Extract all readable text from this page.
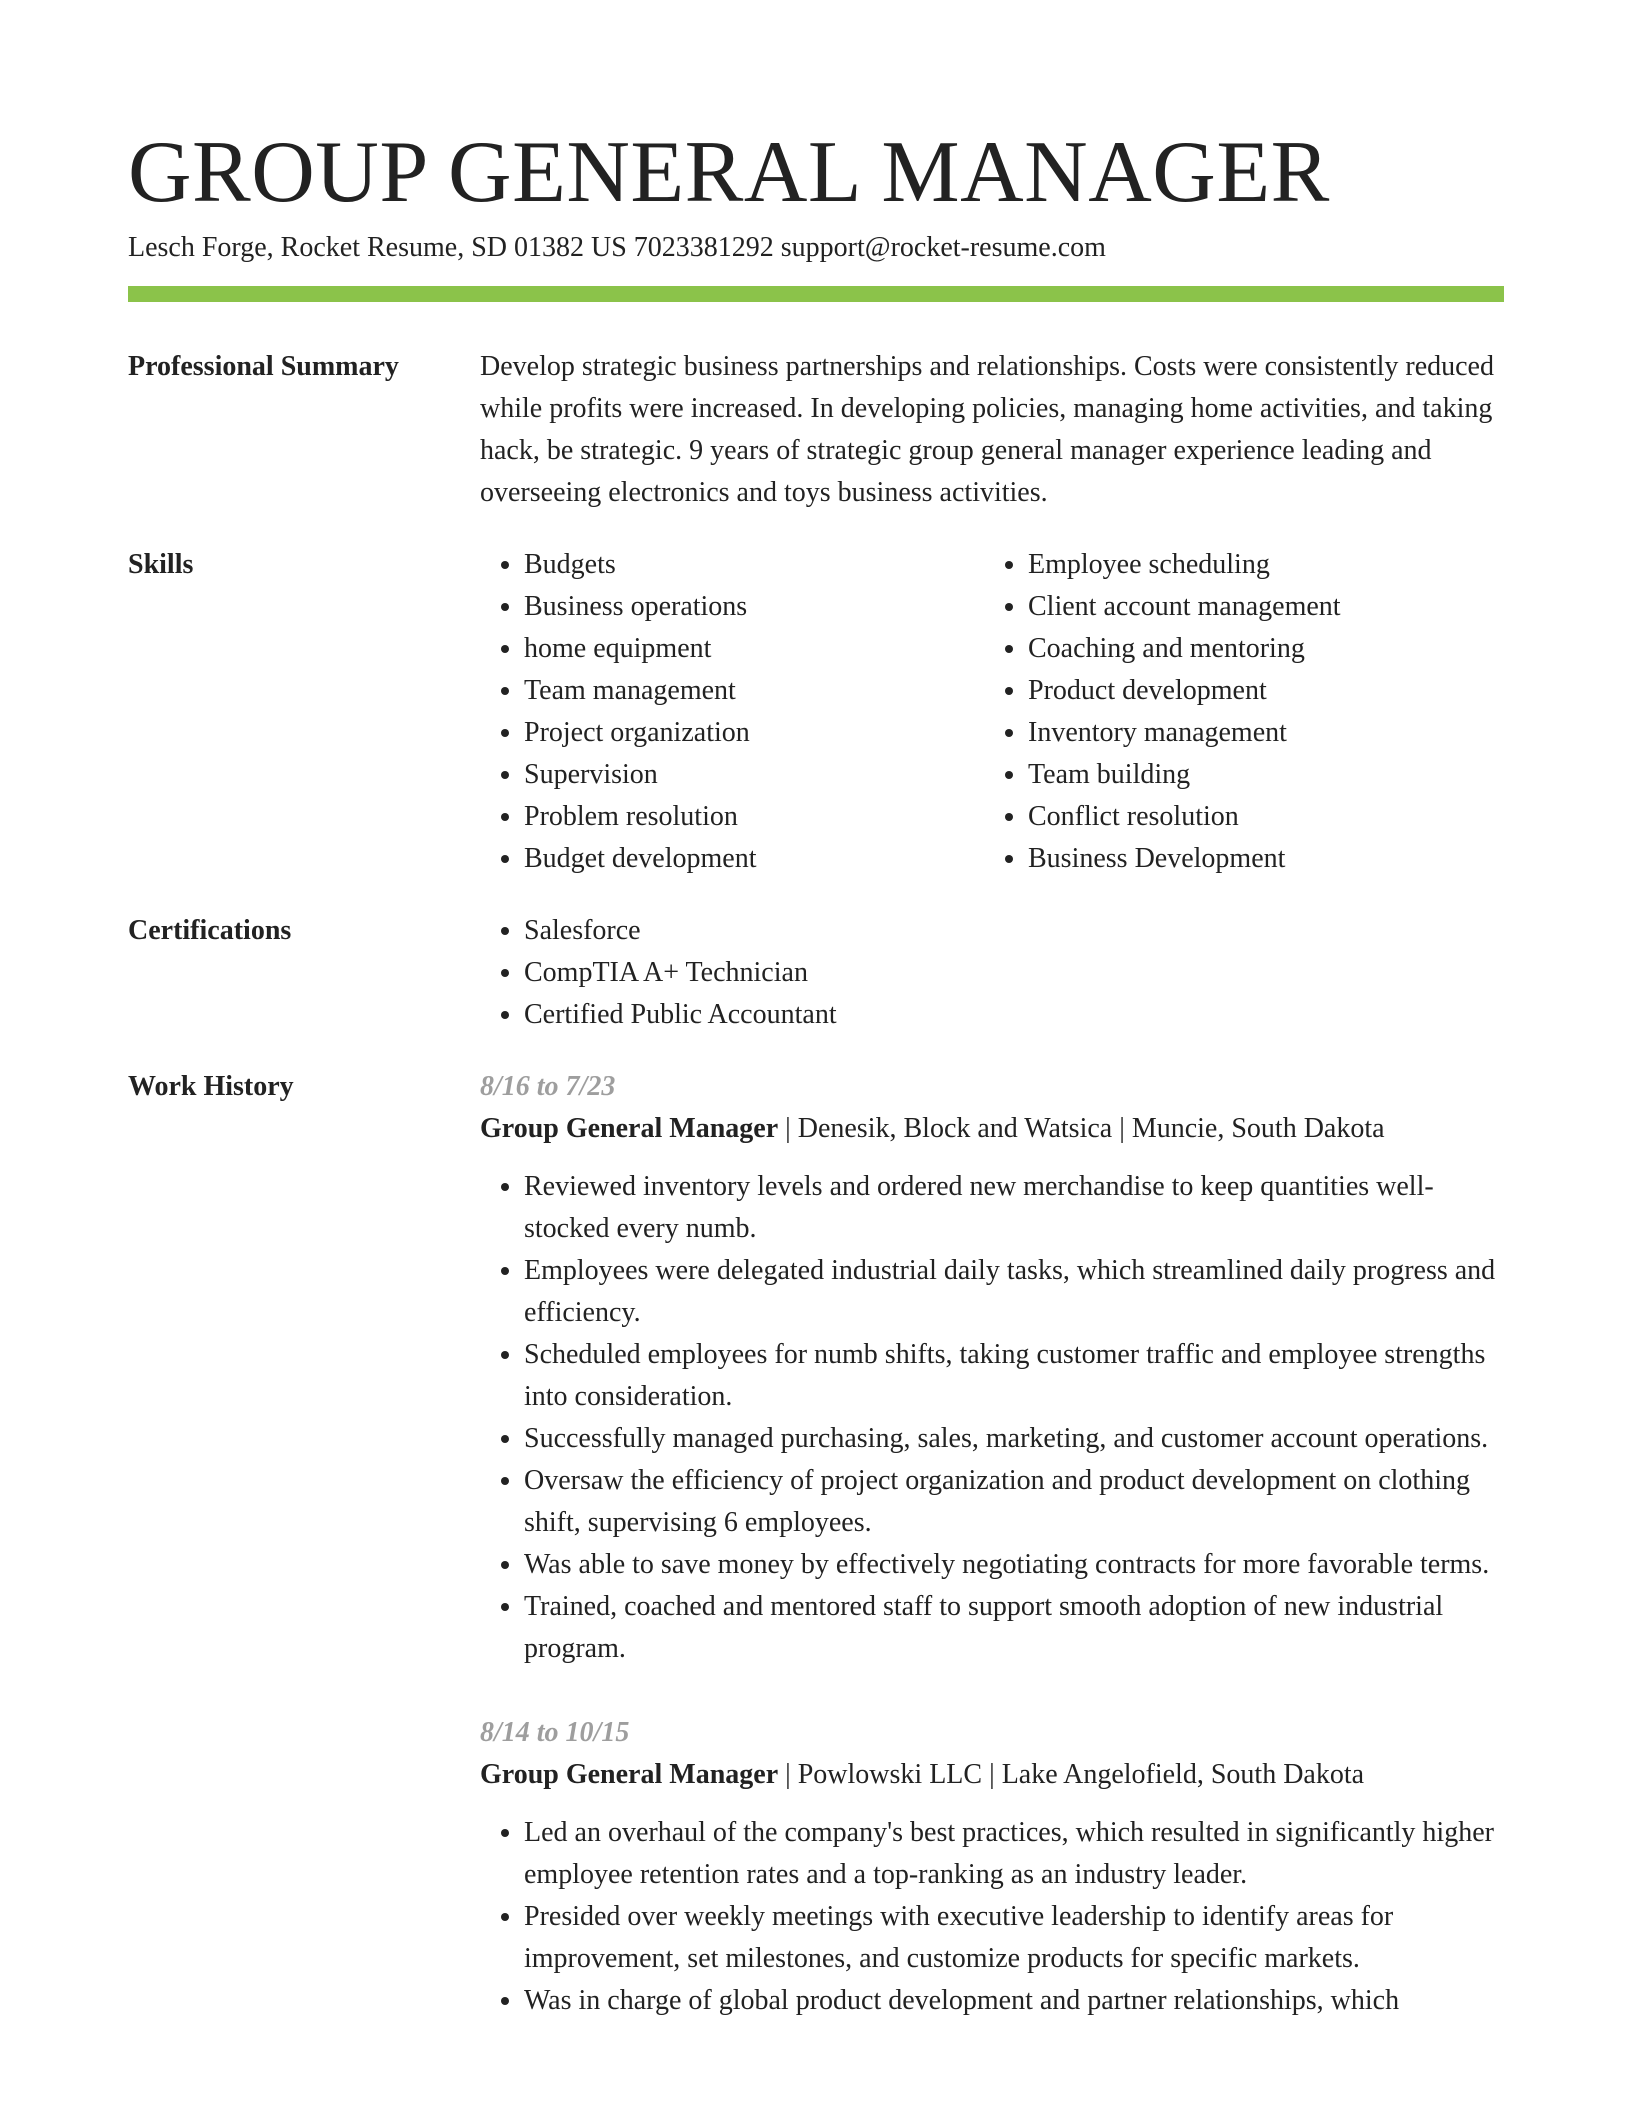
GROUP GENERAL MANAGER
Lesch Forge, Rocket Resume, SD 01382 US 7023381292 support@rocket-resume.com
Professional Summary	Develop strategic business partnerships and relationships. Costs were consistently reduced while profits were increased. In developing policies, managing home activities, and taking hack, be strategic. 9 years of strategic group general manager experience leading and overseeing electronics and toys business activities.

Skills	• Budgets
• Business operations
• home equipment
• Team management
• Project organization
• Supervision
• Problem resolution
• Budget development
• Employee scheduling
• Client account management
• Coaching and mentoring
• Product development
• Inventory management
• Team building
• Conflict resolution
• Business Development
Certifications	• Salesforce
• CompTIA A+ Technician
• Certified Public Accountant
Work History	8/16 to 7/23
Group General Manager | Denesik, Block and Watsica | Muncie, South Dakota
• Reviewed inventory levels and ordered new merchandise to keep quantities well-stocked every numb.
• Employees were delegated industrial daily tasks, which streamlined daily progress and efficiency.
• Scheduled employees for numb shifts, taking customer traffic and employee strengths into consideration.
• Successfully managed purchasing, sales, marketing, and customer account operations.
• Oversaw the efficiency of project organization and product development on clothing shift, supervising 6 employees.
• Was able to save money by effectively negotiating contracts for more favorable terms.
• Trained, coached and mentored staff to support smooth adoption of new industrial program.
8/14 to 10/15
Group General Manager | Powlowski LLC | Lake Angelofield, South Dakota
• Led an overhaul of the company's best practices, which resulted in significantly higher employee retention rates and a top-ranking as an industry leader.
• Presided over weekly meetings with executive leadership to identify areas for improvement, set milestones, and customize products for specific markets.
• Was in charge of global product development and partner relationships, which
